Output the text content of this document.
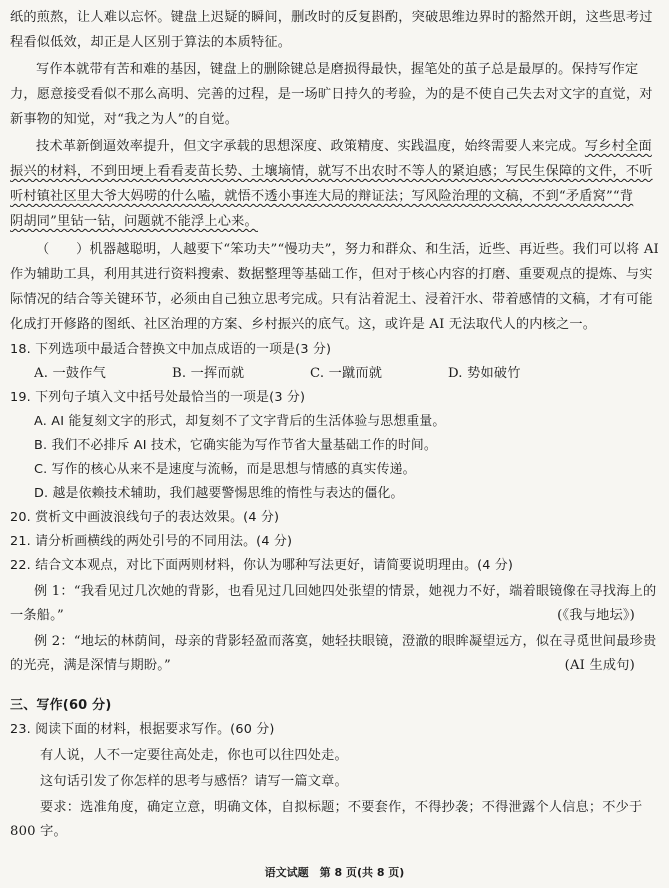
纸的煎熬，让人难以忘怀。键盘上迟疑的瞬间，删改时的反复斟酌，突破思维边界时的豁然开朗，这些思考过
程看似低效，却正是人区别于算法的本质特征。
写作本就带有苦和难的基因，键盘上的删除键总是磨损得最快，握笔处的茧子总是最厚的。保持写作定
力，愿意接受看似不那么高明、完善的过程，是一场旷日持久的考验，为的是不使自己失去对文字的直觉，对
新事物的知觉，对“我之为人”的自觉。
技术革新倒逼效率提升，但文字承载的思想深度、政策精度、实践温度，始终需要人来完成。写乡村全面
振兴的材料，不到田埂上看看麦苗长势、土壤墒情，就写不出农时不等人的紧迫感；写民生保障的文件，不听
听村镇社区里大爷大妈唠的什么嗑，就悟不透小事连大局的辩证法；写风险治理的文稿，不到“矛盾窝”“背
阴胡同”里钻一钻，问题就不能浮上心来。
（　　）机器越聪明，人越要下“笨功夫”“慢功夫”，努力和群众、和生活，近些、再近些。我们可以将 AI
作为辅助工具，利用其进行资料搜索、数据整理等基础工作，但对于核心内容的打磨、重要观点的提炼、与实
际情况的结合等关键环节，必须由自己独立思考完成。只有沾着泥土、浸着汗水、带着感情的文稿，才有可能
化成打开修路的图纸、社区治理的方案、乡村振兴的底气。这，或许是 AI 无法取代人的内核之一。
18. 下列选项中最适合替换文中加点成语的一项是(3 分)
A. 一鼓作气	B. 一挥而就	C. 一蹴而就	D. 势如破竹
19. 下列句子填入文中括号处最恰当的一项是(3 分)
A. AI 能复刻文字的形式，却复刻不了文字背后的生活体验与思想重量。
B. 我们不必排斥 AI 技术，它确实能为写作节省大量基础工作的时间。
C. 写作的核心从来不是速度与流畅，而是思想与情感的真实传递。
D. 越是依赖技术辅助，我们越要警惕思维的惰性与表达的僵化。
20. 赏析文中画波浪线句子的表达效果。(4 分)
21. 请分析画横线的两处引号的不同用法。(4 分)
22. 结合文本观点，对比下面两则材料，你认为哪种写法更好，请简要说明理由。(4 分)
例 1：“我看见过几次她的背影，也看见过几回她四处张望的情景，她视力不好，端着眼镜像在寻找海上的
一条船。”	(《我与地坛》)
例 2：“地坛的林荫间，母亲的背影轻盈而落寞，她轻扶眼镜，澄澈的眼眸凝望远方，似在寻觅世间最珍贵
的光亮，满是深情与期盼。”	(AI 生成句)
三、写作(60 分)
23. 阅读下面的材料，根据要求写作。(60 分)
有人说，人不一定要往高处走，你也可以往四处走。
这句话引发了你怎样的思考与感悟？请写一篇文章。
要求：选准角度，确定立意，明确文体，自拟标题；不要套作，不得抄袭；不得泄露个人信息；不少于
800 字。
语文试题　第 8 页(共 8 页)
